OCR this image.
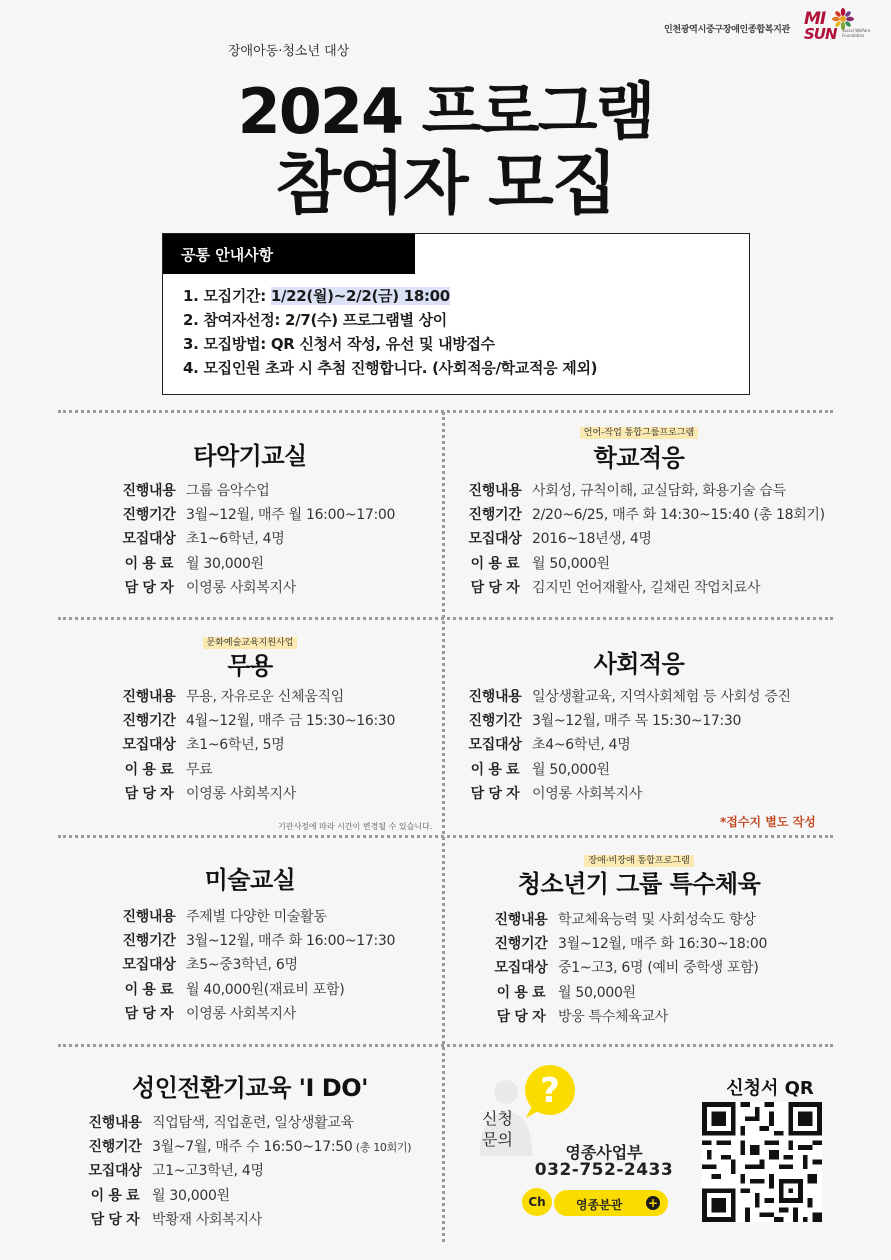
인천광역시중구장애인종합복지관
MI
SUN Social Welfare Foundation
장애아동·청소년 대상
2024 프로그램
참여자 모집
공통 안내사항
1. 모집기간: 1/22(월)~2/2(금) 18:00
2. 참여자선정: 2/7(수) 프로그램별 상이
3. 모집방법: QR 신청서 작성, 유선 및 내방접수
4. 모집인원 초과 시 추첨 진행합니다. (사회적응/학교적응 제외)
타악기교실
진행내용 그룹 음악수업
진행기간 3월~12월, 매주 월 16:00~17:00
모집대상 초1~6학년, 4명
이 용 료 월 30,000원
담 당 자 이영롱 사회복지사
언어-작업 통합그룹프로그램
학교적응
진행내용 사회성, 규칙이해, 교실담화, 화용기술 습득
진행기간 2/20~6/25, 매주 화 14:30~15:40 (총 18회기)
모집대상 2016~18년생, 4명
이 용 료 월 50,000원
담 당 자 김지민 언어재활사, 길채린 작업치료사
문화예술교육지원사업
무용
진행내용 무용, 자유로운 신체움직임
진행기간 4월~12월, 매주 금 15:30~16:30
모집대상 초1~6학년, 5명
이 용 료 무료
담 당 자 이영롱 사회복지사
기관사정에 따라 시간이 변경될 수 있습니다.
사회적응
진행내용 일상생활교육, 지역사회체험 등 사회성 증진
진행기간 3월~12월, 매주 목 15:30~17:30
모집대상 초4~6학년, 4명
이 용 료 월 50,000원
담 당 자 이영롱 사회복지사
*접수지 별도 작성
미술교실
진행내용 주제별 다양한 미술활동
진행기간 3월~12월, 매주 화 16:00~17:30
모집대상 초5~중3학년, 6명
이 용 료 월 40,000원(재료비 포함)
담 당 자 이영롱 사회복지사
장애·비장애 통합프로그램
청소년기 그룹 특수체육
진행내용 학교체육능력 및 사회성숙도 향상
진행기간 3월~12월, 매주 화 16:30~18:00
모집대상 중1~고3, 6명 (예비 중학생 포함)
이 용 료 월 50,000원
담 당 자 방웅 특수체육교사
성인전환기교육 'I DO'
진행내용 직업탐색, 직업훈련, 일상생활교육
진행기간 3월~7월, 매주 수 16:50~17:50 (총 10회기)
모집대상 고1~고3학년, 4명
이 용 료 월 30,000원
담 당 자 박황재 사회복지사
?
신청
문의
영종사업부
032-752-2433
Ch	영종분관 +
신청서 QR
